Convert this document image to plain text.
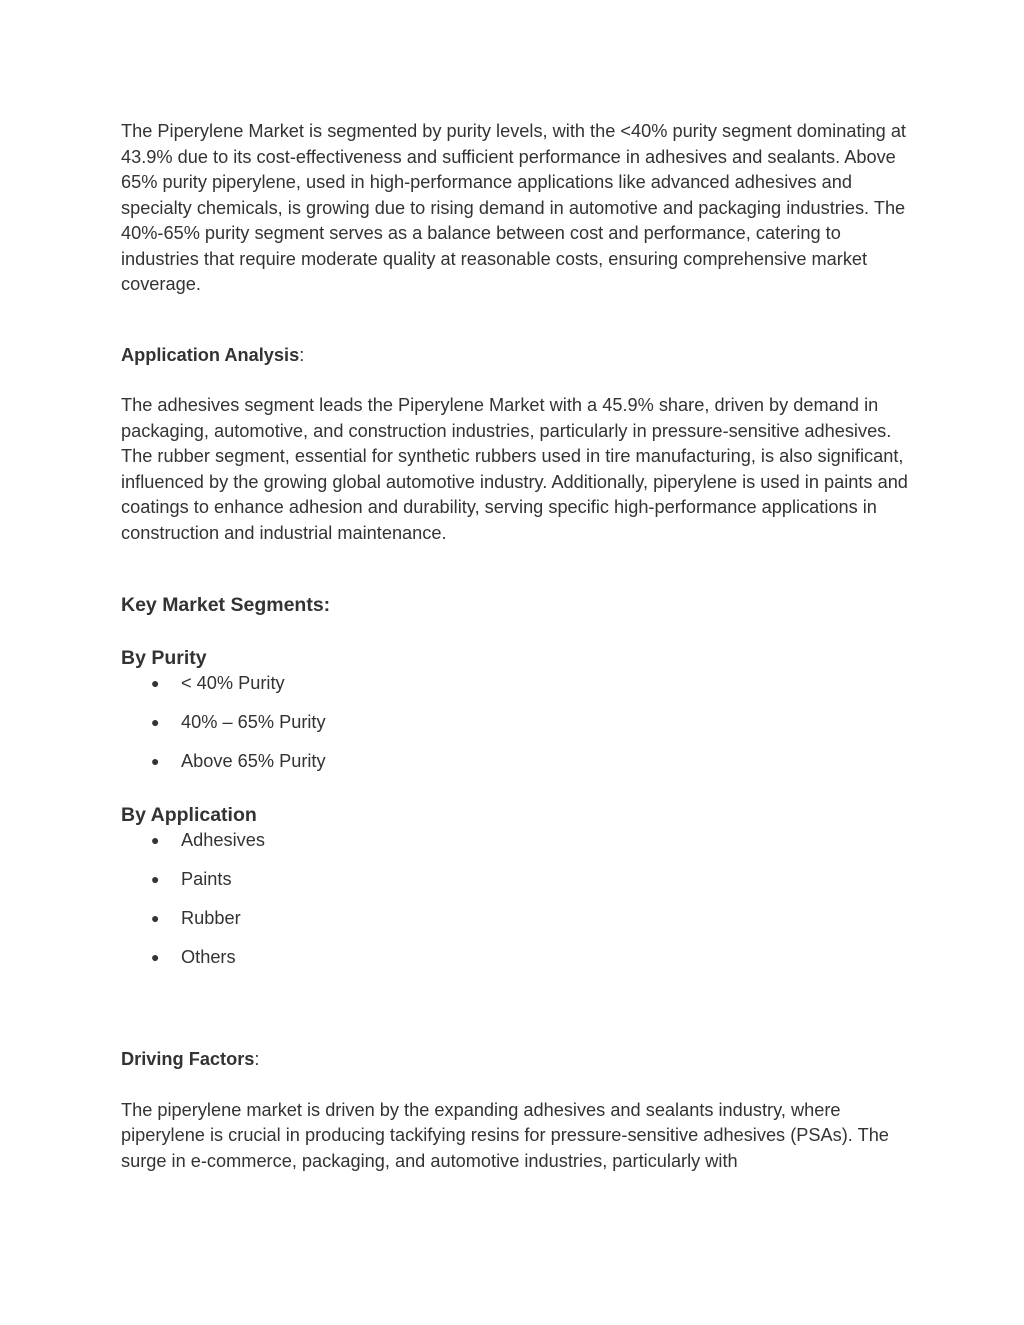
The Piperylene Market is segmented by purity levels, with the <40% purity segment dominating at 43.9% due to its cost-effectiveness and sufficient performance in adhesives and sealants. Above 65% purity piperylene, used in high-performance applications like advanced adhesives and specialty chemicals, is growing due to rising demand in automotive and packaging industries. The 40%-65% purity segment serves as a balance between cost and performance, catering to industries that require moderate quality at reasonable costs, ensuring comprehensive market coverage.

Application Analysis:

The adhesives segment leads the Piperylene Market with a 45.9% share, driven by demand in packaging, automotive, and construction industries, particularly in pressure-sensitive adhesives. The rubber segment, essential for synthetic rubbers used in tire manufacturing, is also significant, influenced by the growing global automotive industry. Additionally, piperylene is used in paints and coatings to enhance adhesion and durability, serving specific high-performance applications in construction and industrial maintenance.

Key Market Segments:

By Purity

● < 40% Purity
● 40% – 65% Purity
● Above 65% Purity

By Application

● Adhesives
● Paints
● Rubber
● Others

Driving Factors:

The piperylene market is driven by the expanding adhesives and sealants industry, where piperylene is crucial in producing tackifying resins for pressure-sensitive adhesives (PSAs). The surge in e-commerce, packaging, and automotive industries, particularly with
